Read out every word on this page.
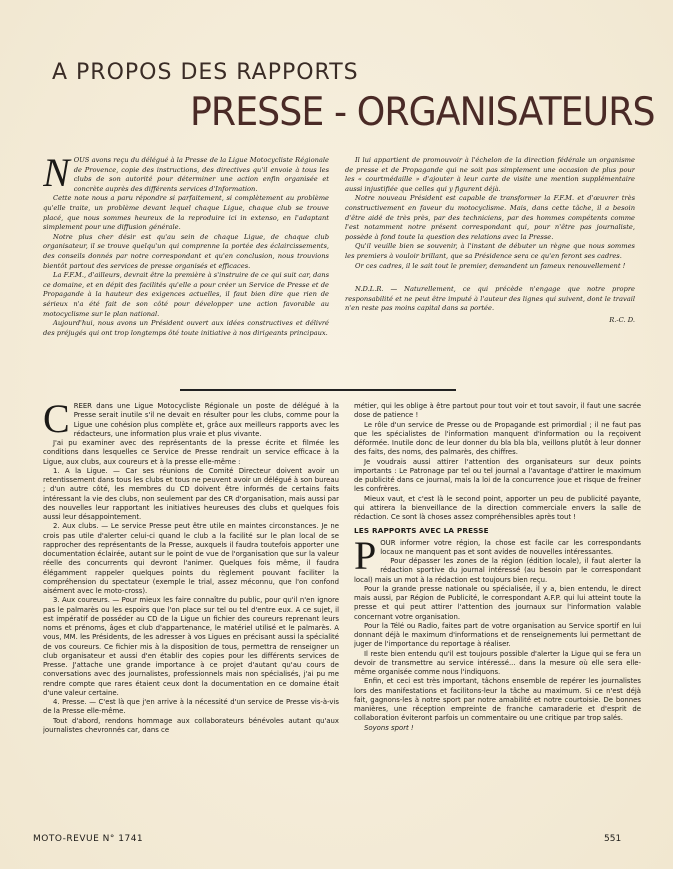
A PROPOS DES RAPPORTS
PRESSE - ORGANISATEURS

NOUS avons reçu du délégué à la Presse de la Ligue Motocycliste Régionale de Provence, copie des instructions, des directives qu'il envoie à tous les clubs de son autorité pour déterminer une action enfin organisée et concrète auprès des différents services d'Information.

Cette note nous a paru répondre si parfaitement, si complètement au problème qu'elle traite, un problème devant lequel chaque Ligue, chaque club se trouve placé, que nous sommes heureux de la reproduire ici in extenso, en l'adaptant simplement pour une diffusion générale.

Notre plus cher désir est qu'au sein de chaque Ligue, de chaque club organisateur, il se trouve quelqu'un qui comprenne la portée des éclaircissements, des conseils donnés par notre correspondant et qu'en conclusion, nous trouvions bientôt partout des services de presse organisés et efficaces.

La F.F.M., d'ailleurs, devrait être la première à s'instruire de ce qui suit car, dans ce domaine, et en dépit des facilités qu'elle a pour créer un Service de Presse et de Propagande à la hauteur des exigences actuelles, il faut bien dire que rien de sérieux n'a été fait de son côté pour développer une action favorable au motocyclisme sur le plan national.

Aujourd'hui, nous avons un Président ouvert aux idées constructives et délivré des préjugés qui ont trop longtemps ôté toute initiative à nos dirigeants principaux.

Il lui appartient de promouvoir à l'échelon de la direction fédérale un organisme de presse et de Propagande qui ne soit pas simplement une occasion de plus pour les « courtmédaille » d'ajouter à leur carte de visite une mention supplémentaire aussi injustifiée que celles qui y figurent déjà.

Notre nouveau Président est capable de transformer la F.F.M. et d'œuvrer très constructivement en faveur du motocyclisme. Mais, dans cette tâche, il a besoin d'être aidé de très près, par des techniciens, par des hommes compétents comme l'est notamment notre présent correspondant qui, pour n'être pas journaliste, possède à fond toute la question des relations avec la Presse.

Qu'il veuille bien se souvenir, à l'instant de débuter un règne que nous sommes les premiers à vouloir brillant, que sa Présidence sera ce qu'en feront ses cadres.

Or ces cadres, il le sait tout le premier, demandent un fameux renouvellement !

N.D.L.R. — Naturellement, ce qui précède n'engage que notre propre responsabilité et ne peut être imputé à l'auteur des lignes qui suivent, dont le travail n'en reste pas moins capital dans sa portée.

R.-C. D.

CREER dans une Ligue Motocycliste Régionale un poste de délégué à la Presse serait inutile s'il ne devait en résulter pour les clubs, comme pour la Ligue une cohésion plus complète et, grâce aux meilleurs rapports avec les rédacteurs, une information plus vraie et plus vivante.

J'ai pu examiner avec des représentants de la presse écrite et filmée les conditions dans lesquelles ce Service de Presse rendrait un service efficace à la Ligue, aux clubs, aux coureurs et à la presse elle-même :

1. A la Ligue. — Car ses réunions de Comité Directeur doivent avoir un retentissement dans tous les clubs et tous ne peuvent avoir un délégué à son bureau ; d'un autre côté, les membres du CD doivent être informés de certains faits intéressant la vie des clubs, non seulement par des CR d'organisation, mais aussi par des nouvelles leur rapportant les initiatives heureuses des clubs et quelques fois aussi leur désappointement.

2. Aux clubs. — Le service Presse peut être utile en maintes circonstances. Je ne crois pas utile d'alerter celui-ci quand le club a la facilité sur le plan local de se rapprocher des représentants de la Presse, auxquels il faudra toutefois apporter une documentation éclairée, autant sur le point de vue de l'organisation que sur la valeur réelle des concurrents qui devront l'animer. Quelques fois même, il faudra élégamment rappeler quelques points du règlement pouvant faciliter la compréhension du spectateur (exemple le trial, assez méconnu, que l'on confond aisément avec le moto-cross).

3. Aux coureurs. — Pour mieux les faire connaître du public, pour qu'il n'en ignore pas le palmarès ou les espoirs que l'on place sur tel ou tel d'entre eux. A ce sujet, il est impératif de posséder au CD de la Ligue un fichier des coureurs reprenant leurs noms et prénoms, âges et club d'appartenance, le matériel utilisé et le palmarès. A vous, MM. les Présidents, de les adresser à vos Ligues en précisant aussi la spécialité de vos coureurs. Ce fichier mis à la disposition de tous, permettra de renseigner un club organisateur et aussi d'en établir des copies pour les différents services de Presse. J'attache une grande importance à ce projet d'autant qu'au cours de conversations avec des journalistes, professionnels mais non spécialisés, j'ai pu me rendre compte que rares étaient ceux dont la documentation en ce domaine était d'une valeur certaine.

4. Presse. — C'est là que j'en arrive à la nécessité d'un service de Presse vis-à-vis de la Presse elle-même.

Tout d'abord, rendons hommage aux collaborateurs bénévoles autant qu'aux journalistes chevronnés car, dans ce

métier, qui les oblige à être partout pour tout voir et tout savoir, il faut une sacrée dose de patience !

Le rôle d'un service de Presse ou de Propagande est primordial ; il ne faut pas que les spécialistes de l'information manquent d'information ou la reçoivent déformée. Inutile donc de leur donner du bla bla bla, veillons plutôt à leur donner des faits, des noms, des palmarès, des chiffres.

Je voudrais aussi attirer l'attention des organisateurs sur deux points importants : Le Patronage par tel ou tel journal a l'avantage d'attirer le maximum de publicité dans ce journal, mais la loi de la concurrence joue et risque de freiner les confrères.

Mieux vaut, et c'est là le second point, apporter un peu de publicité payante, qui attirera la bienveillance de la direction commerciale envers la salle de rédaction. Ce sont là choses assez compréhensibles après tout !

LES RAPPORTS AVEC LA PRESSE

POUR informer votre région, la chose est facile car les correspondants locaux ne manquent pas et sont avides de nouvelles intéressantes.

Pour dépasser les zones de la région (édition locale), il faut alerter la rédaction sportive du journal intéressé (au besoin par le correspondant local) mais un mot à la rédaction est toujours bien reçu.

Pour la grande presse nationale ou spécialisée, il y a, bien entendu, le direct mais aussi, par Région de Publicité, le correspondant A.F.P. qui lui atteint toute la presse et qui peut attirer l'attention des journaux sur l'information valable concernant votre organisation.

Pour la Télé ou Radio, faites part de votre organisation au Service sportif en lui donnant déjà le maximum d'informations et de renseignements lui permettant de juger de l'importance du reportage à réaliser.

Il reste bien entendu qu'il est toujours possible d'alerter la Ligue qui se fera un devoir de transmettre au service intéressé... dans la mesure où elle sera elle-même organisée comme nous l'indiquons.

Enfin, et ceci est très important, tâchons ensemble de repérer les journalistes lors des manifestations et facilitons-leur la tâche au maximum. Si ce n'est déjà fait, gagnons-les à notre sport par notre amabilité et notre courtoisie. De bonnes manières, une réception empreinte de franche camaraderie et d'esprit de collaboration éviteront parfois un commentaire ou une critique par trop salés.

Soyons sport !

MOTO-REVUE N° 1741	551
